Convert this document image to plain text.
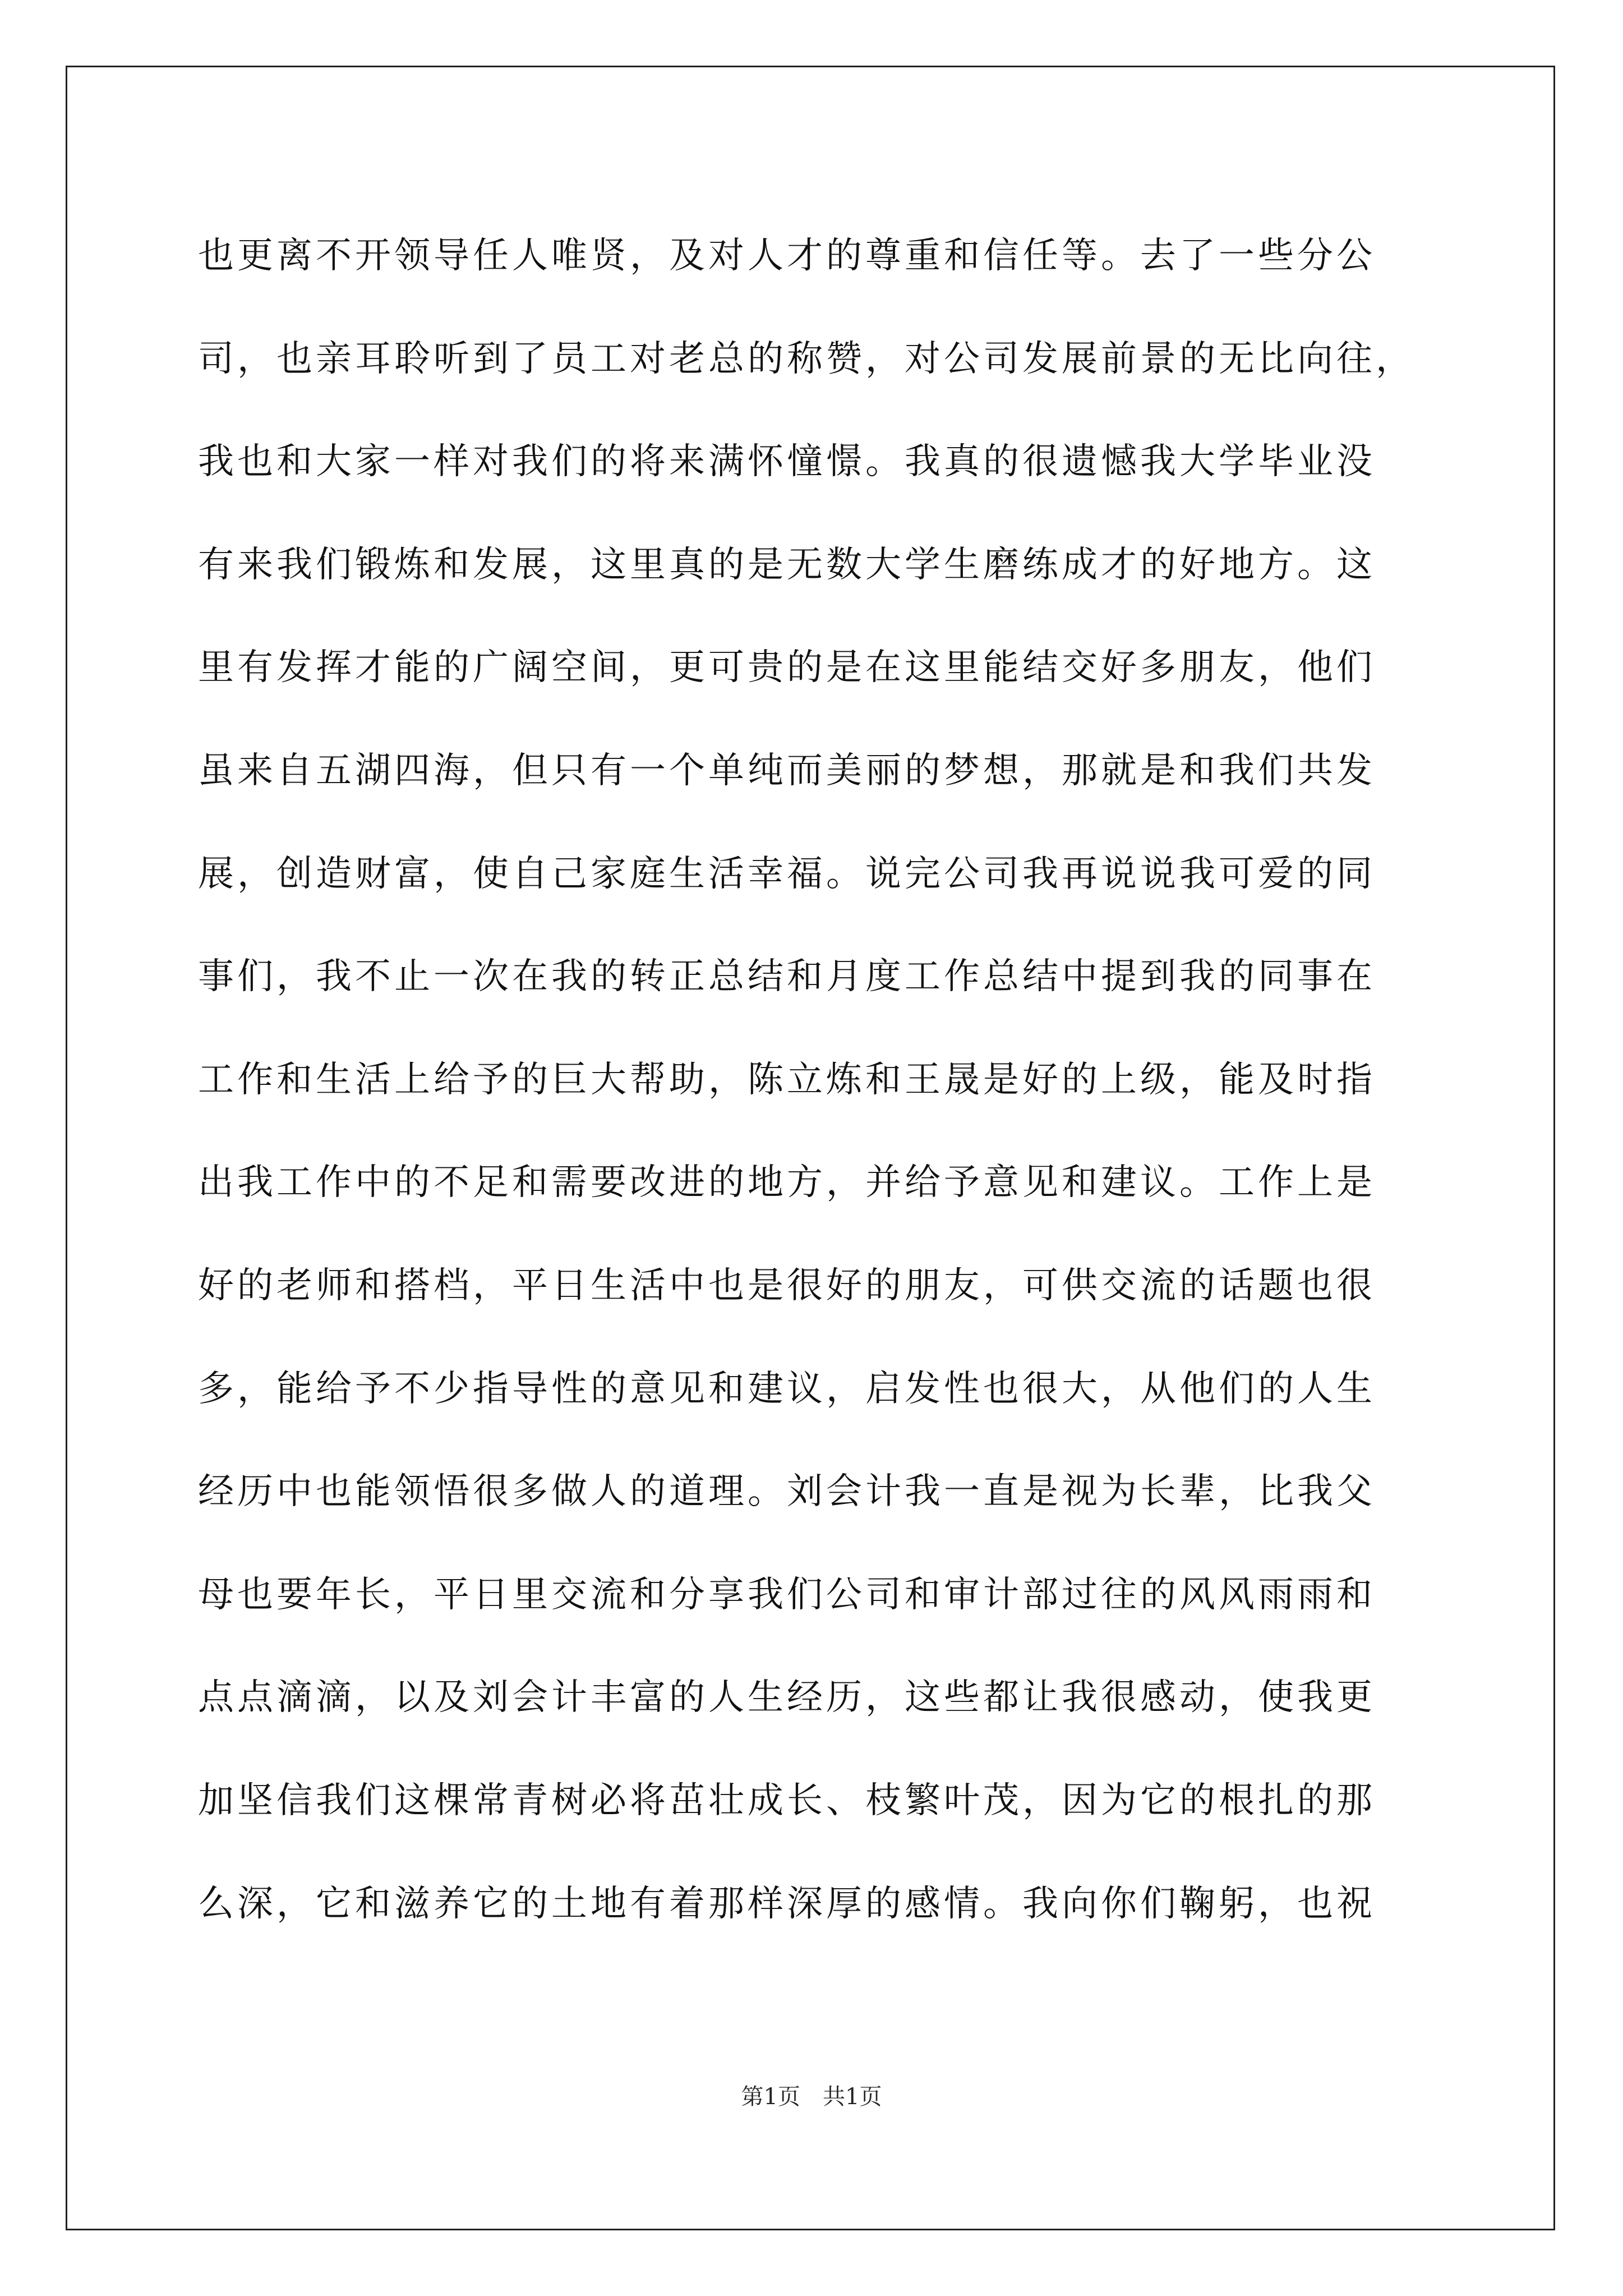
也更离不开领导任人唯贤，及对人才的尊重和信任等。去了一些分公
司，也亲耳聆听到了员工对老总的称赞，对公司发展前景的无比向往，
我也和大家一样对我们的将来满怀憧憬。我真的很遗憾我大学毕业没
有来我们锻炼和发展，这里真的是无数大学生磨练成才的好地方。这
里有发挥才能的广阔空间，更可贵的是在这里能结交好多朋友，他们
虽来自五湖四海，但只有一个单纯而美丽的梦想，那就是和我们共发
展，创造财富，使自己家庭生活幸福。说完公司我再说说我可爱的同
事们，我不止一次在我的转正总结和月度工作总结中提到我的同事在
工作和生活上给予的巨大帮助，陈立炼和王晟是好的上级，能及时指
出我工作中的不足和需要改进的地方，并给予意见和建议。工作上是
好的老师和搭档，平日生活中也是很好的朋友，可供交流的话题也很
多，能给予不少指导性的意见和建议，启发性也很大，从他们的人生
经历中也能领悟很多做人的道理。刘会计我一直是视为长辈，比我父
母也要年长，平日里交流和分享我们公司和审计部过往的风风雨雨和
点点滴滴，以及刘会计丰富的人生经历，这些都让我很感动，使我更
加坚信我们这棵常青树必将茁壮成长、枝繁叶茂，因为它的根扎的那
么深，它和滋养它的土地有着那样深厚的感情。我向你们鞠躬，也祝
第1页　共1页
